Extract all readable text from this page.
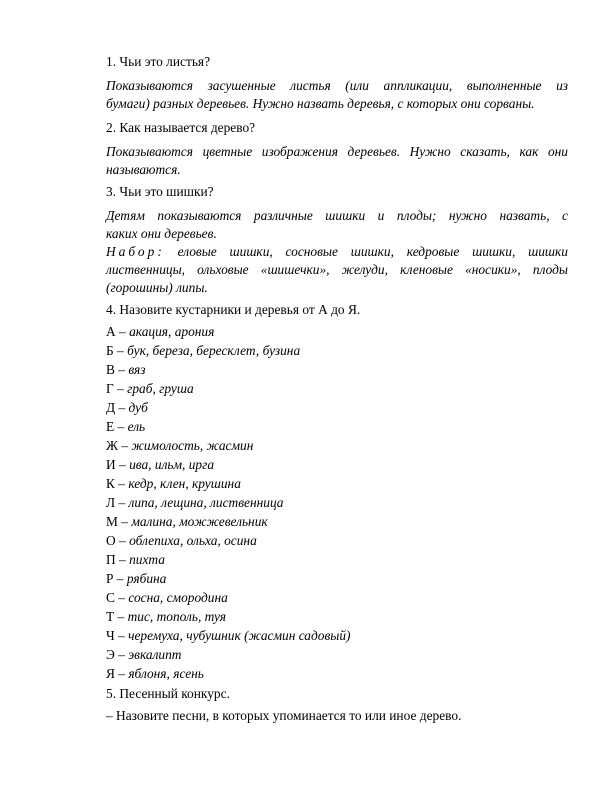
1. Чьи это листья?
Показываются засушенные листья (или аппликации, выполненные из
бумаги) разных деревьев. Нужно назвать деревья, с которых они сорваны.
2. Как называется дерево?
Показываются цветные изображения деревьев. Нужно сказать, как они
называются.
3. Чьи это шишки?
Детям показываются различные шишки и плоды; нужно назвать, с
каких они деревьев.
Набор: еловые шишки, сосновые шишки, кедровые шишки, шишки
лиственницы, ольховые «шишечки», желуди, кленовые «носики», плоды
(горошины) липы.
4. Назовите кустарники и деревья от А до Я.
А – акация, арония
Б – бук, береза, бересклет, бузина
В – вяз
Г – граб, груша
Д – дуб
Е – ель
Ж – жимолость, жасмин
И – ива, ильм, ирга
К – кедр, клен, крушина
Л – липа, лещина, лиственница
М – малина, можжевельник
О – облепиха, ольха, осина
П – пихта
Р – рябина
С – сосна, смородина
Т – тис, тополь, туя
Ч – черемуха, чубушник (жасмин садовый)
Э – эвкалипт
Я – яблоня, ясень
5. Песенный конкурс.
– Назовите песни, в которых упоминается то или иное дерево.
